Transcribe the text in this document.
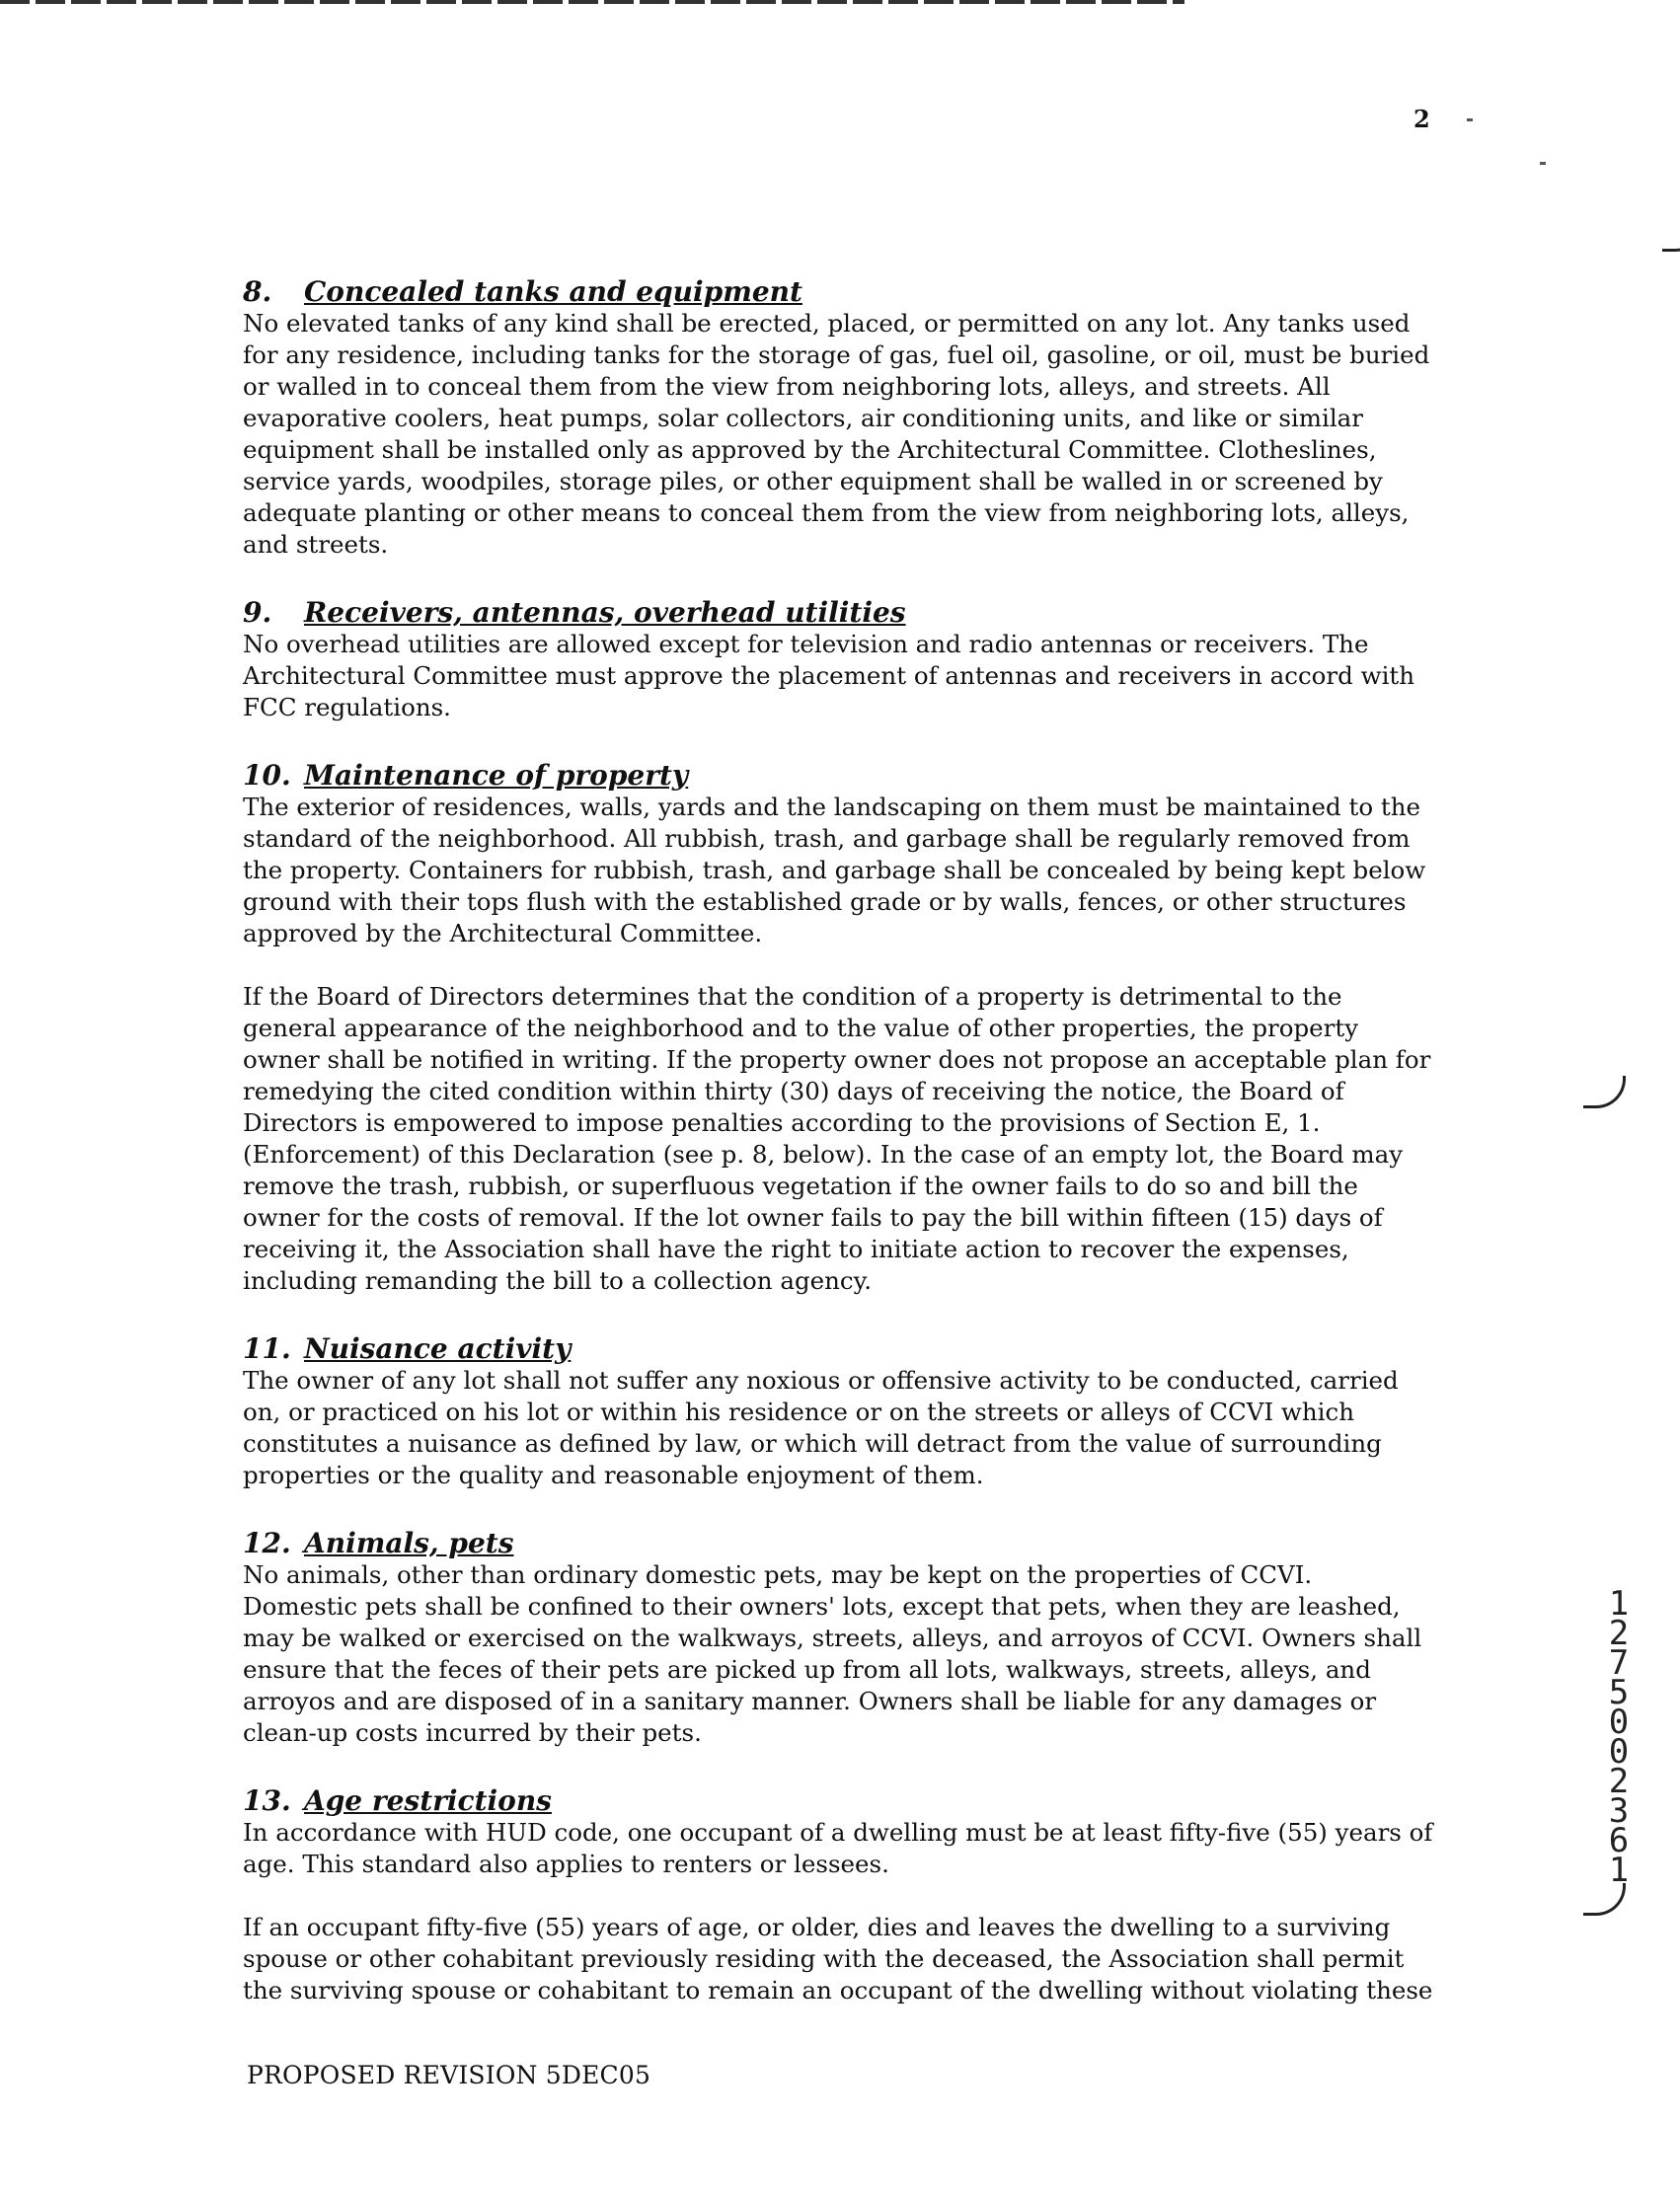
2

8. Concealed tanks and equipment

No elevated tanks of any kind shall be erected, placed, or permitted on any lot. Any tanks used for any residence, including tanks for the storage of gas, fuel oil, gasoline, or oil, must be buried or walled in to conceal them from the view from neighboring lots, alleys, and streets. All evaporative coolers, heat pumps, solar collectors, air conditioning units, and like or similar equipment shall be installed only as approved by the Architectural Committee. Clotheslines, service yards, woodpiles, storage piles, or other equipment shall be walled in or screened by adequate planting or other means to conceal them from the view from neighboring lots, alleys, and streets.

9. Receivers, antennas, overhead utilities

No overhead utilities are allowed except for television and radio antennas or receivers. The Architectural Committee must approve the placement of antennas and receivers in accord with FCC regulations.

10. Maintenance of property

The exterior of residences, walls, yards and the landscaping on them must be maintained to the standard of the neighborhood. All rubbish, trash, and garbage shall be regularly removed from the property. Containers for rubbish, trash, and garbage shall be concealed by being kept below ground with their tops flush with the established grade or by walls, fences, or other structures approved by the Architectural Committee.

If the Board of Directors determines that the condition of a property is detrimental to the general appearance of the neighborhood and to the value of other properties, the property owner shall be notified in writing. If the property owner does not propose an acceptable plan for remedying the cited condition within thirty (30) days of receiving the notice, the Board of Directors is empowered to impose penalties according to the provisions of Section E, 1. (Enforcement) of this Declaration (see p. 8, below). In the case of an empty lot, the Board may remove the trash, rubbish, or superfluous vegetation if the owner fails to do so and bill the owner for the costs of removal. If the lot owner fails to pay the bill within fifteen (15) days of receiving it, the Association shall have the right to initiate action to recover the expenses, including remanding the bill to a collection agency.

11. Nuisance activity

The owner of any lot shall not suffer any noxious or offensive activity to be conducted, carried on, or practiced on his lot or within his residence or on the streets or alleys of CCVI which constitutes a nuisance as defined by law, or which will detract from the value of surrounding properties or the quality and reasonable enjoyment of them.

12. Animals, pets

No animals, other than ordinary domestic pets, may be kept on the properties of CCVI. Domestic pets shall be confined to their owners' lots, except that pets, when they are leashed, may be walked or exercised on the walkways, streets, alleys, and arroyos of CCVI. Owners shall ensure that the feces of their pets are picked up from all lots, walkways, streets, alleys, and arroyos and are disposed of in a sanitary manner. Owners shall be liable for any damages or clean-up costs incurred by their pets.

13. Age restrictions

In accordance with HUD code, one occupant of a dwelling must be at least fifty-five (55) years of age. This standard also applies to renters or lessees.

If an occupant fifty-five (55) years of age, or older, dies and leaves the dwelling to a surviving spouse or other cohabitant previously residing with the deceased, the Association shall permit the surviving spouse or cohabitant to remain an occupant of the dwelling without violating these

12750 02361
PROPOSED REVISION 5DEC05
